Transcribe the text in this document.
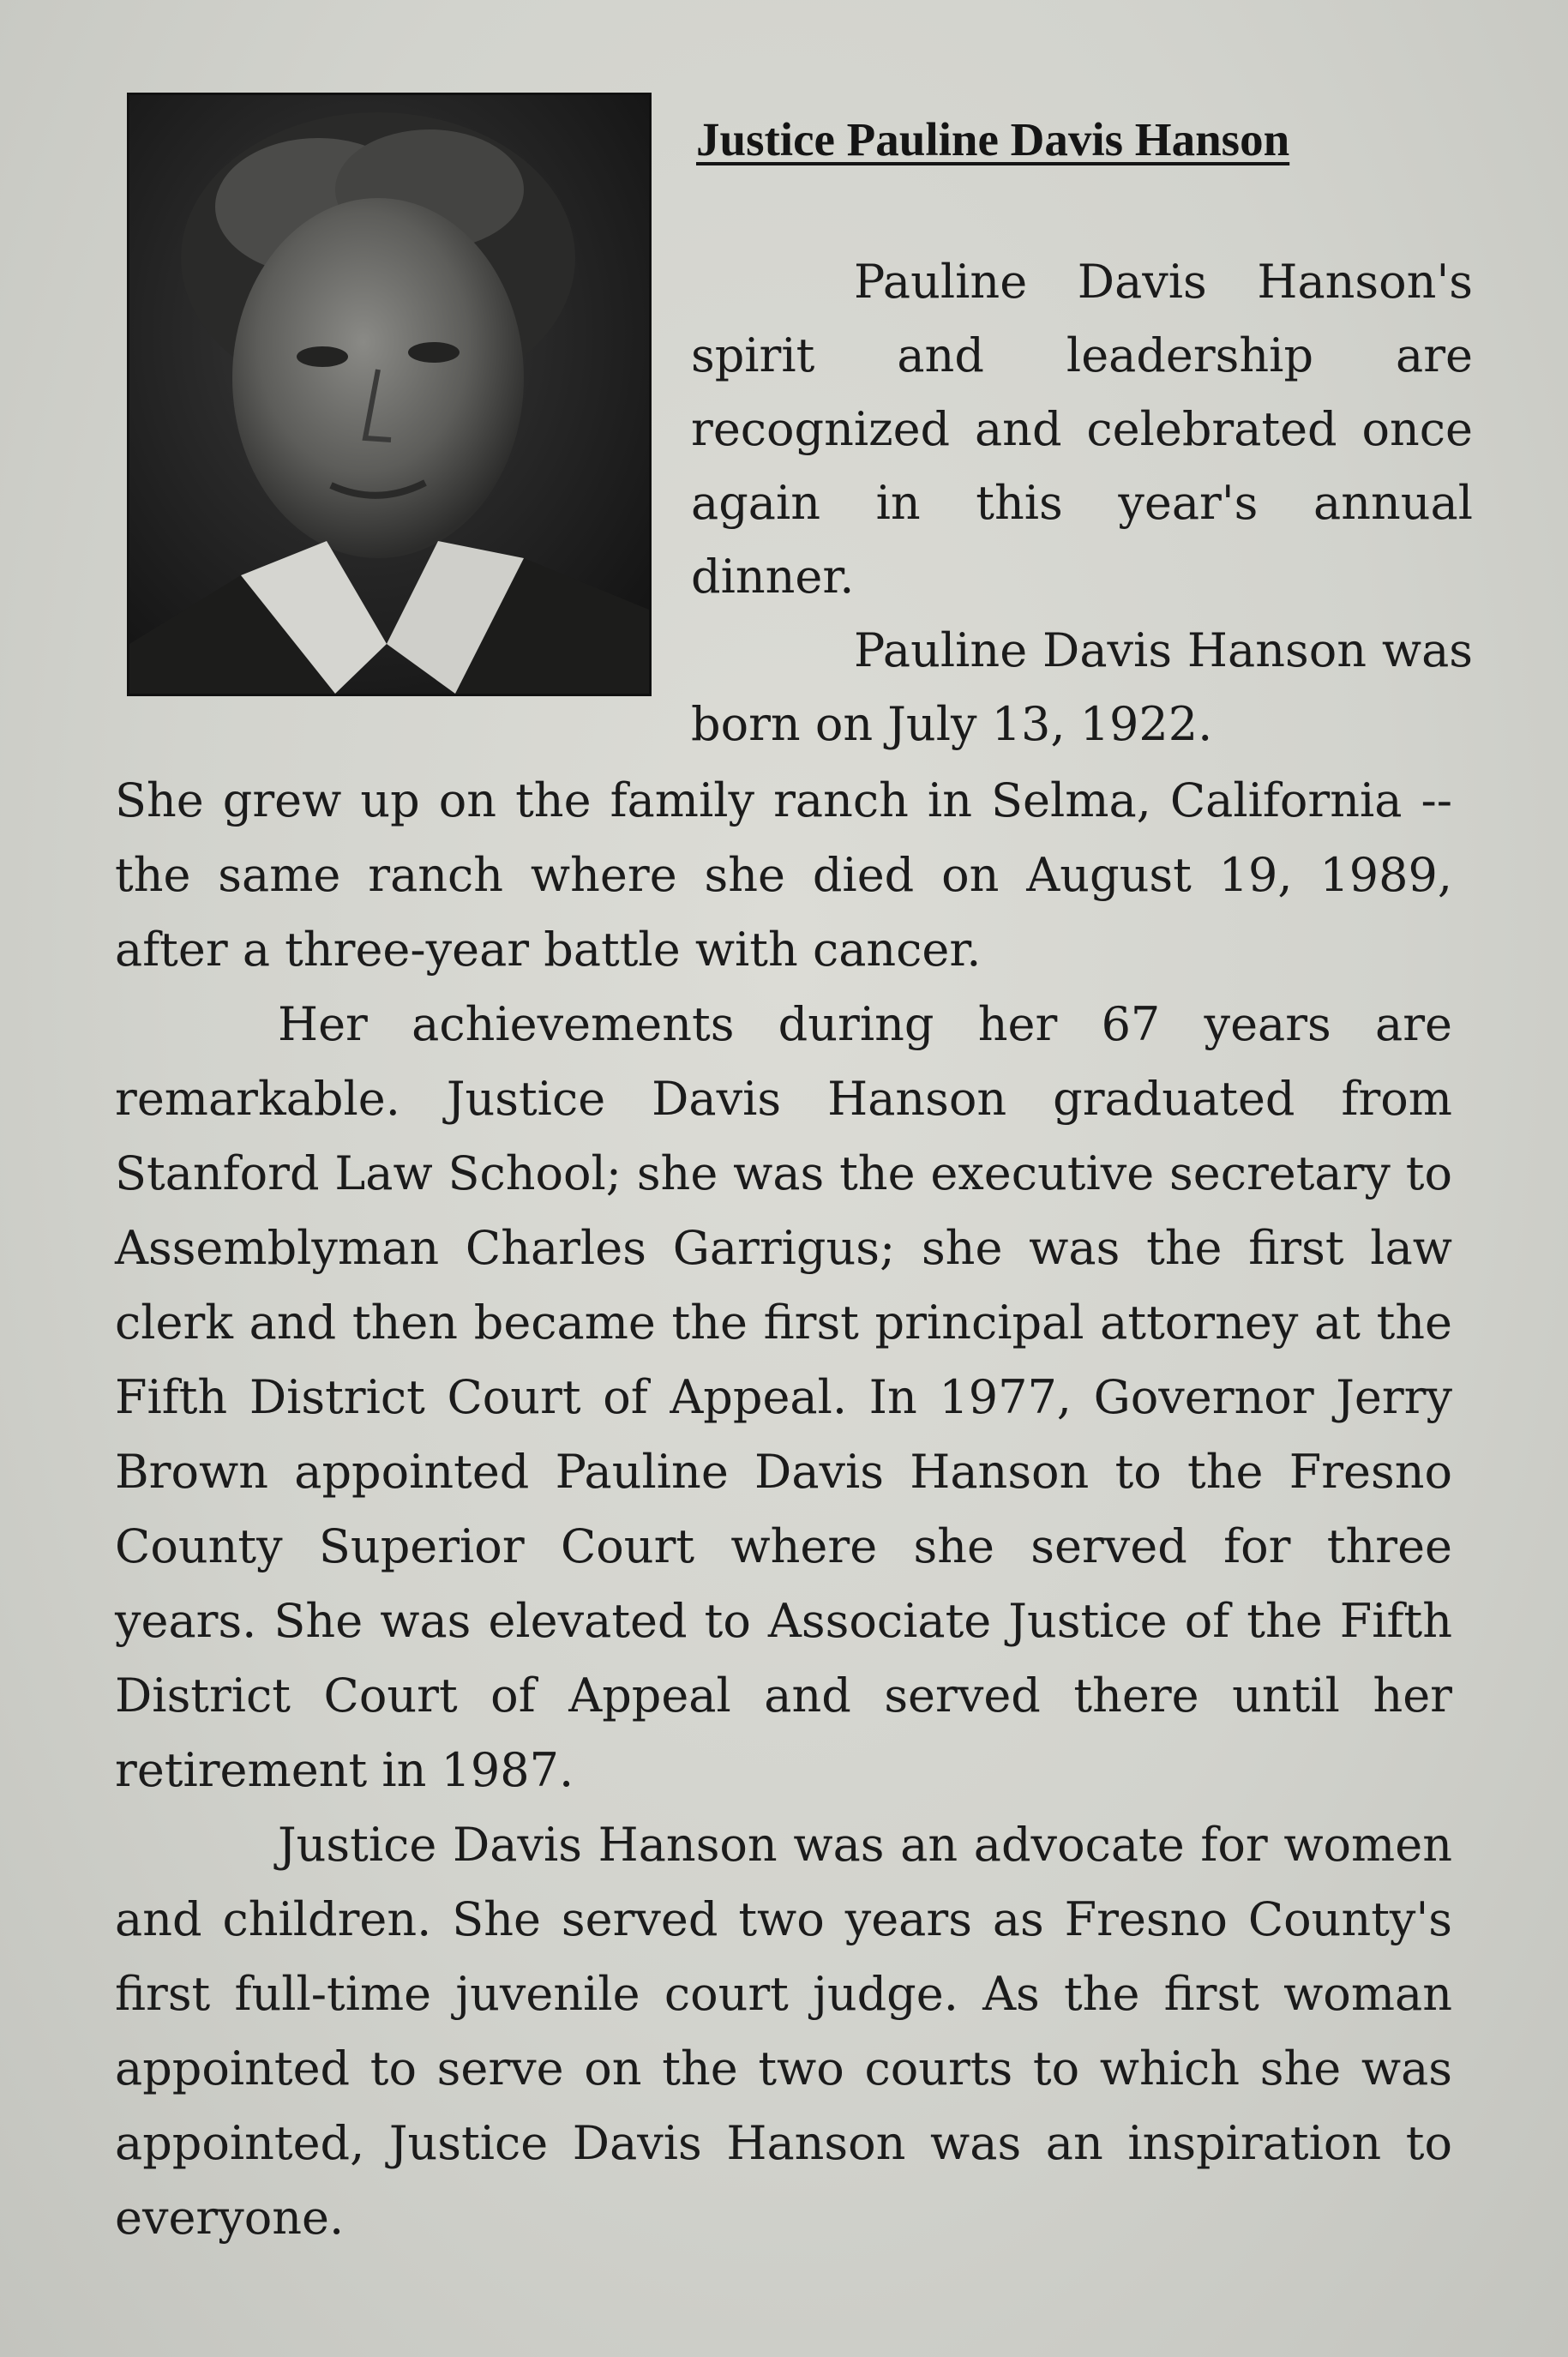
Justice Pauline Davis Hanson

Pauline Davis Hanson's spirit and leadership are recognized and celebrated once again in this year's annual dinner.

Pauline Davis Hanson was born on July 13, 1922.

She grew up on the family ranch in Selma, California -- the same ranch where she died on August 19, 1989, after a three-year battle with cancer.

Her achievements during her 67 years are remarkable. Justice Davis Hanson graduated from Stanford Law School; she was the executive secretary to Assemblyman Charles Garrigus; she was the first law clerk and then became the first principal attorney at the Fifth District Court of Appeal. In 1977, Governor Jerry Brown appointed Pauline Davis Hanson to the Fresno County Superior Court where she served for three years. She was elevated to Associate Justice of the Fifth District Court of Appeal and served there until her retirement in 1987.

Justice Davis Hanson was an advocate for women and children. She served two years as Fresno County's first full-time juvenile court judge. As the first woman appointed to serve on the two courts to which she was appointed, Justice Davis Hanson was an inspiration to everyone.
